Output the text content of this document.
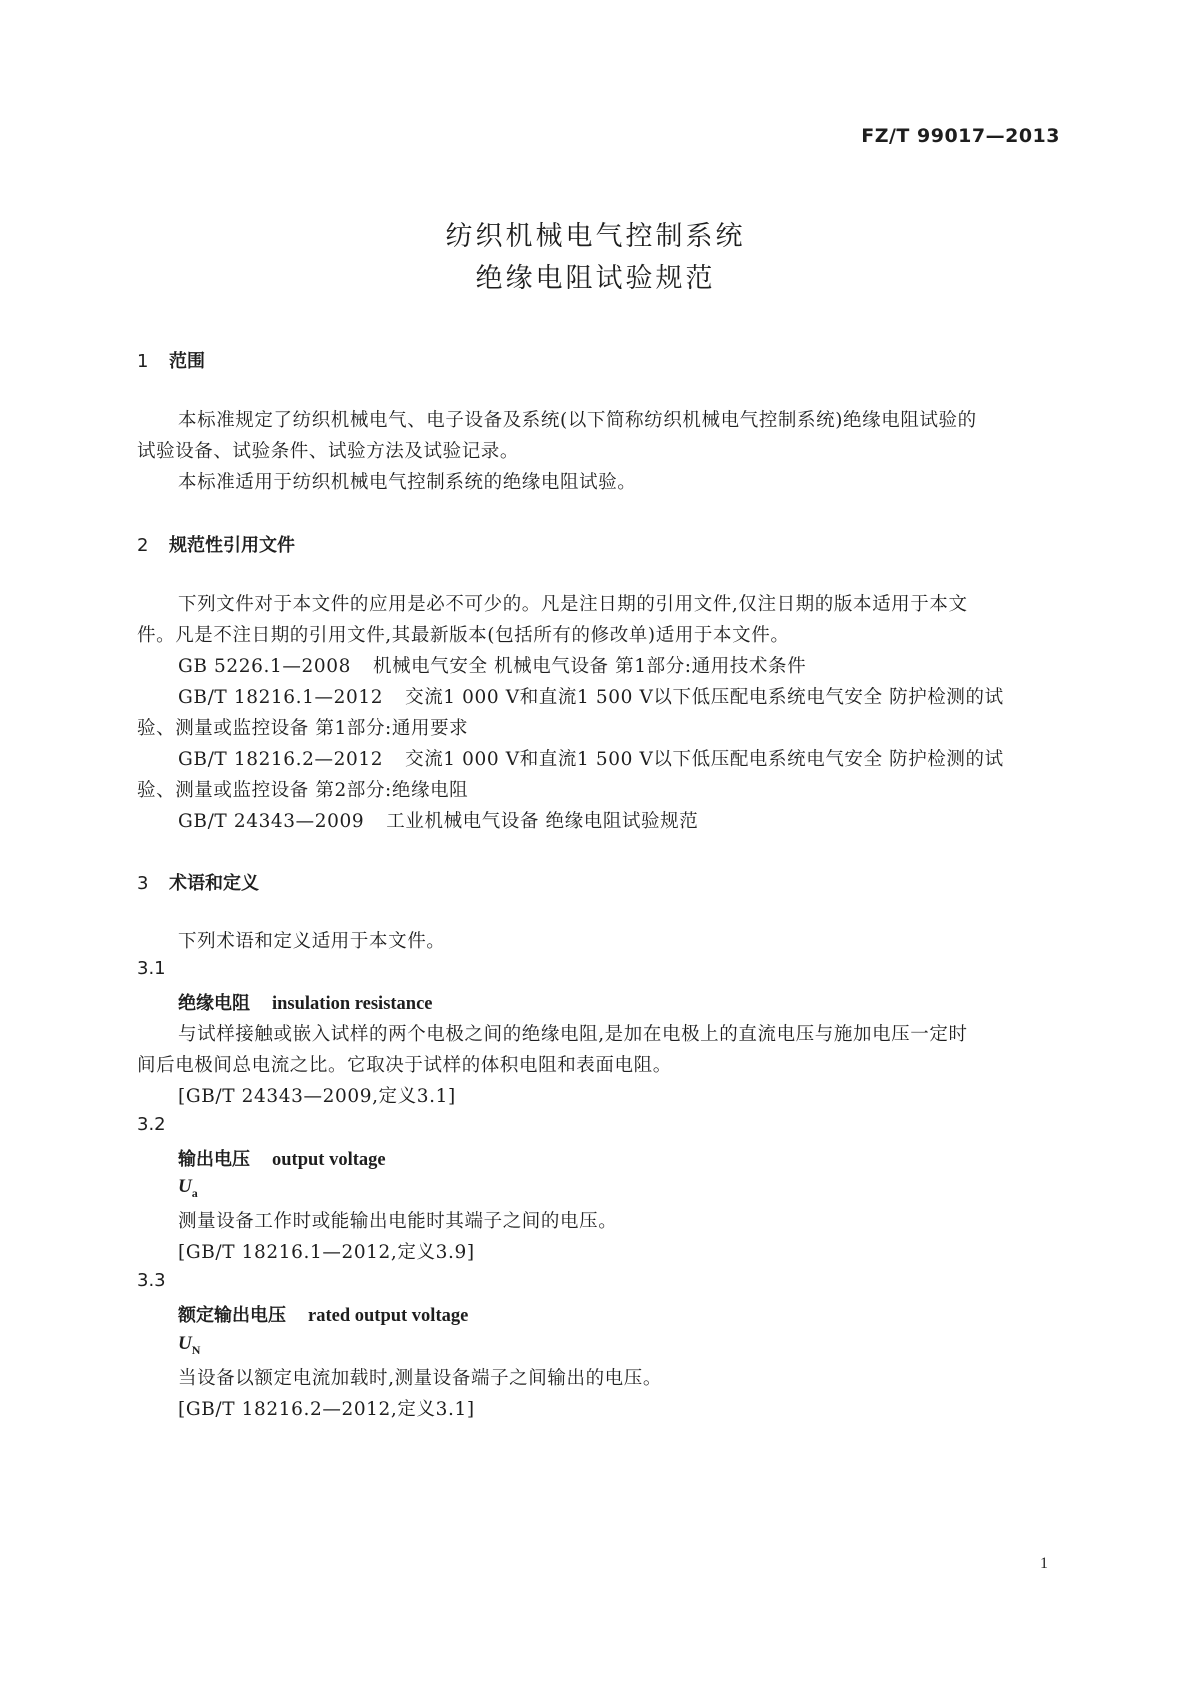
FZ/T 99017—2013
纺织机械电气控制系统
绝缘电阻试验规范
1 范围
本标准规定了纺织机械电气、电子设备及系统(以下简称纺织机械电气控制系统)绝缘电阻试验的
试验设备、试验条件、试验方法及试验记录。
本标准适用于纺织机械电气控制系统的绝缘电阻试验。
2 规范性引用文件
下列文件对于本文件的应用是必不可少的。凡是注日期的引用文件,仅注日期的版本适用于本文
件。凡是不注日期的引用文件,其最新版本(包括所有的修改单)适用于本文件。
GB 5226.1—2008 机械电气安全 机械电气设备 第1部分:通用技术条件
GB/T 18216.1—2012 交流1 000 V和直流1 500 V以下低压配电系统电气安全 防护检测的试
验、测量或监控设备 第1部分:通用要求
GB/T 18216.2—2012 交流1 000 V和直流1 500 V以下低压配电系统电气安全 防护检测的试
验、测量或监控设备 第2部分:绝缘电阻
GB/T 24343—2009 工业机械电气设备 绝缘电阻试验规范
3 术语和定义
下列术语和定义适用于本文件。
3.1
绝缘电阻 insulation resistance
与试样接触或嵌入试样的两个电极之间的绝缘电阻,是加在电极上的直流电压与施加电压一定时
间后电极间总电流之比。它取决于试样的体积电阻和表面电阻。
[GB/T 24343—2009,定义3.1]
3.2
输出电压 output voltage
$U_a$
测量设备工作时或能输出电能时其端子之间的电压。
[GB/T 18216.1—2012,定义3.9]
3.3
额定输出电压 rated output voltage
$U_N$
当设备以额定电流加载时,测量设备端子之间输出的电压。
[GB/T 18216.2—2012,定义3.1]
1
